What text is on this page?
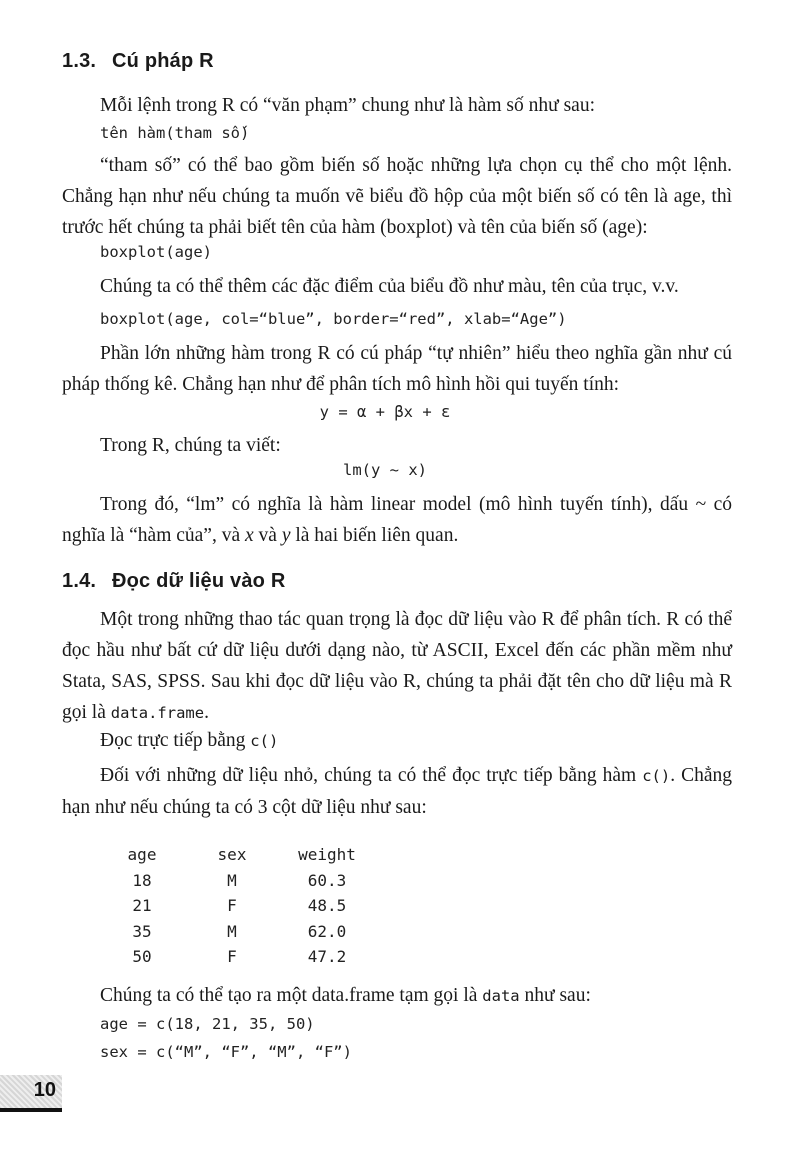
1.3. Cú pháp R

Mỗi lệnh trong R có “văn phạm” chung như là hàm số như sau:

tên hàm(tham số)

“tham số” có thể bao gồm biến số hoặc những lựa chọn cụ thể cho một lệnh. Chẳng hạn như nếu chúng ta muốn vẽ biểu đồ hộp của một biến số có tên là age, thì trước hết chúng ta phải biết tên của hàm (boxplot) và tên của biến số (age):

boxplot(age)

Chúng ta có thể thêm các đặc điểm của biểu đồ như màu, tên của trục, v.v.

boxplot(age, col=“blue”, border=“red”, xlab=“Age”)

Phần lớn những hàm trong R có cú pháp “tự nhiên” hiểu theo nghĩa gần như cú pháp thống kê. Chẳng hạn như để phân tích mô hình hồi qui tuyến tính:

y = α + βx + ε

Trong R, chúng ta viết:

lm(y ~ x)

Trong đó, “lm” có nghĩa là hàm linear model (mô hình tuyến tính), dấu ~ có nghĩa là “hàm của”, và x và y là hai biến liên quan.

1.4. Đọc dữ liệu vào R

Một trong những thao tác quan trọng là đọc dữ liệu vào R để phân tích. R có thể đọc hầu như bất cứ dữ liệu dưới dạng nào, từ ASCII, Excel đến các phần mềm như Stata, SAS, SPSS. Sau khi đọc dữ liệu vào R, chúng ta phải đặt tên cho dữ liệu mà R gọi là data.frame.

Đọc trực tiếp bằng c()

Đối với những dữ liệu nhỏ, chúng ta có thể đọc trực tiếp bằng hàm c(). Chẳng hạn như nếu chúng ta có 3 cột dữ liệu như sau:

age	sex	weight
18	M	60.3
21	F	48.5
35	M	62.0
50	F	47.2

Chúng ta có thể tạo ra một data.frame tạm gọi là data như sau:

age = c(18, 21, 35, 50)
sex = c(“M”, “F”, “M”, “F”)
10
